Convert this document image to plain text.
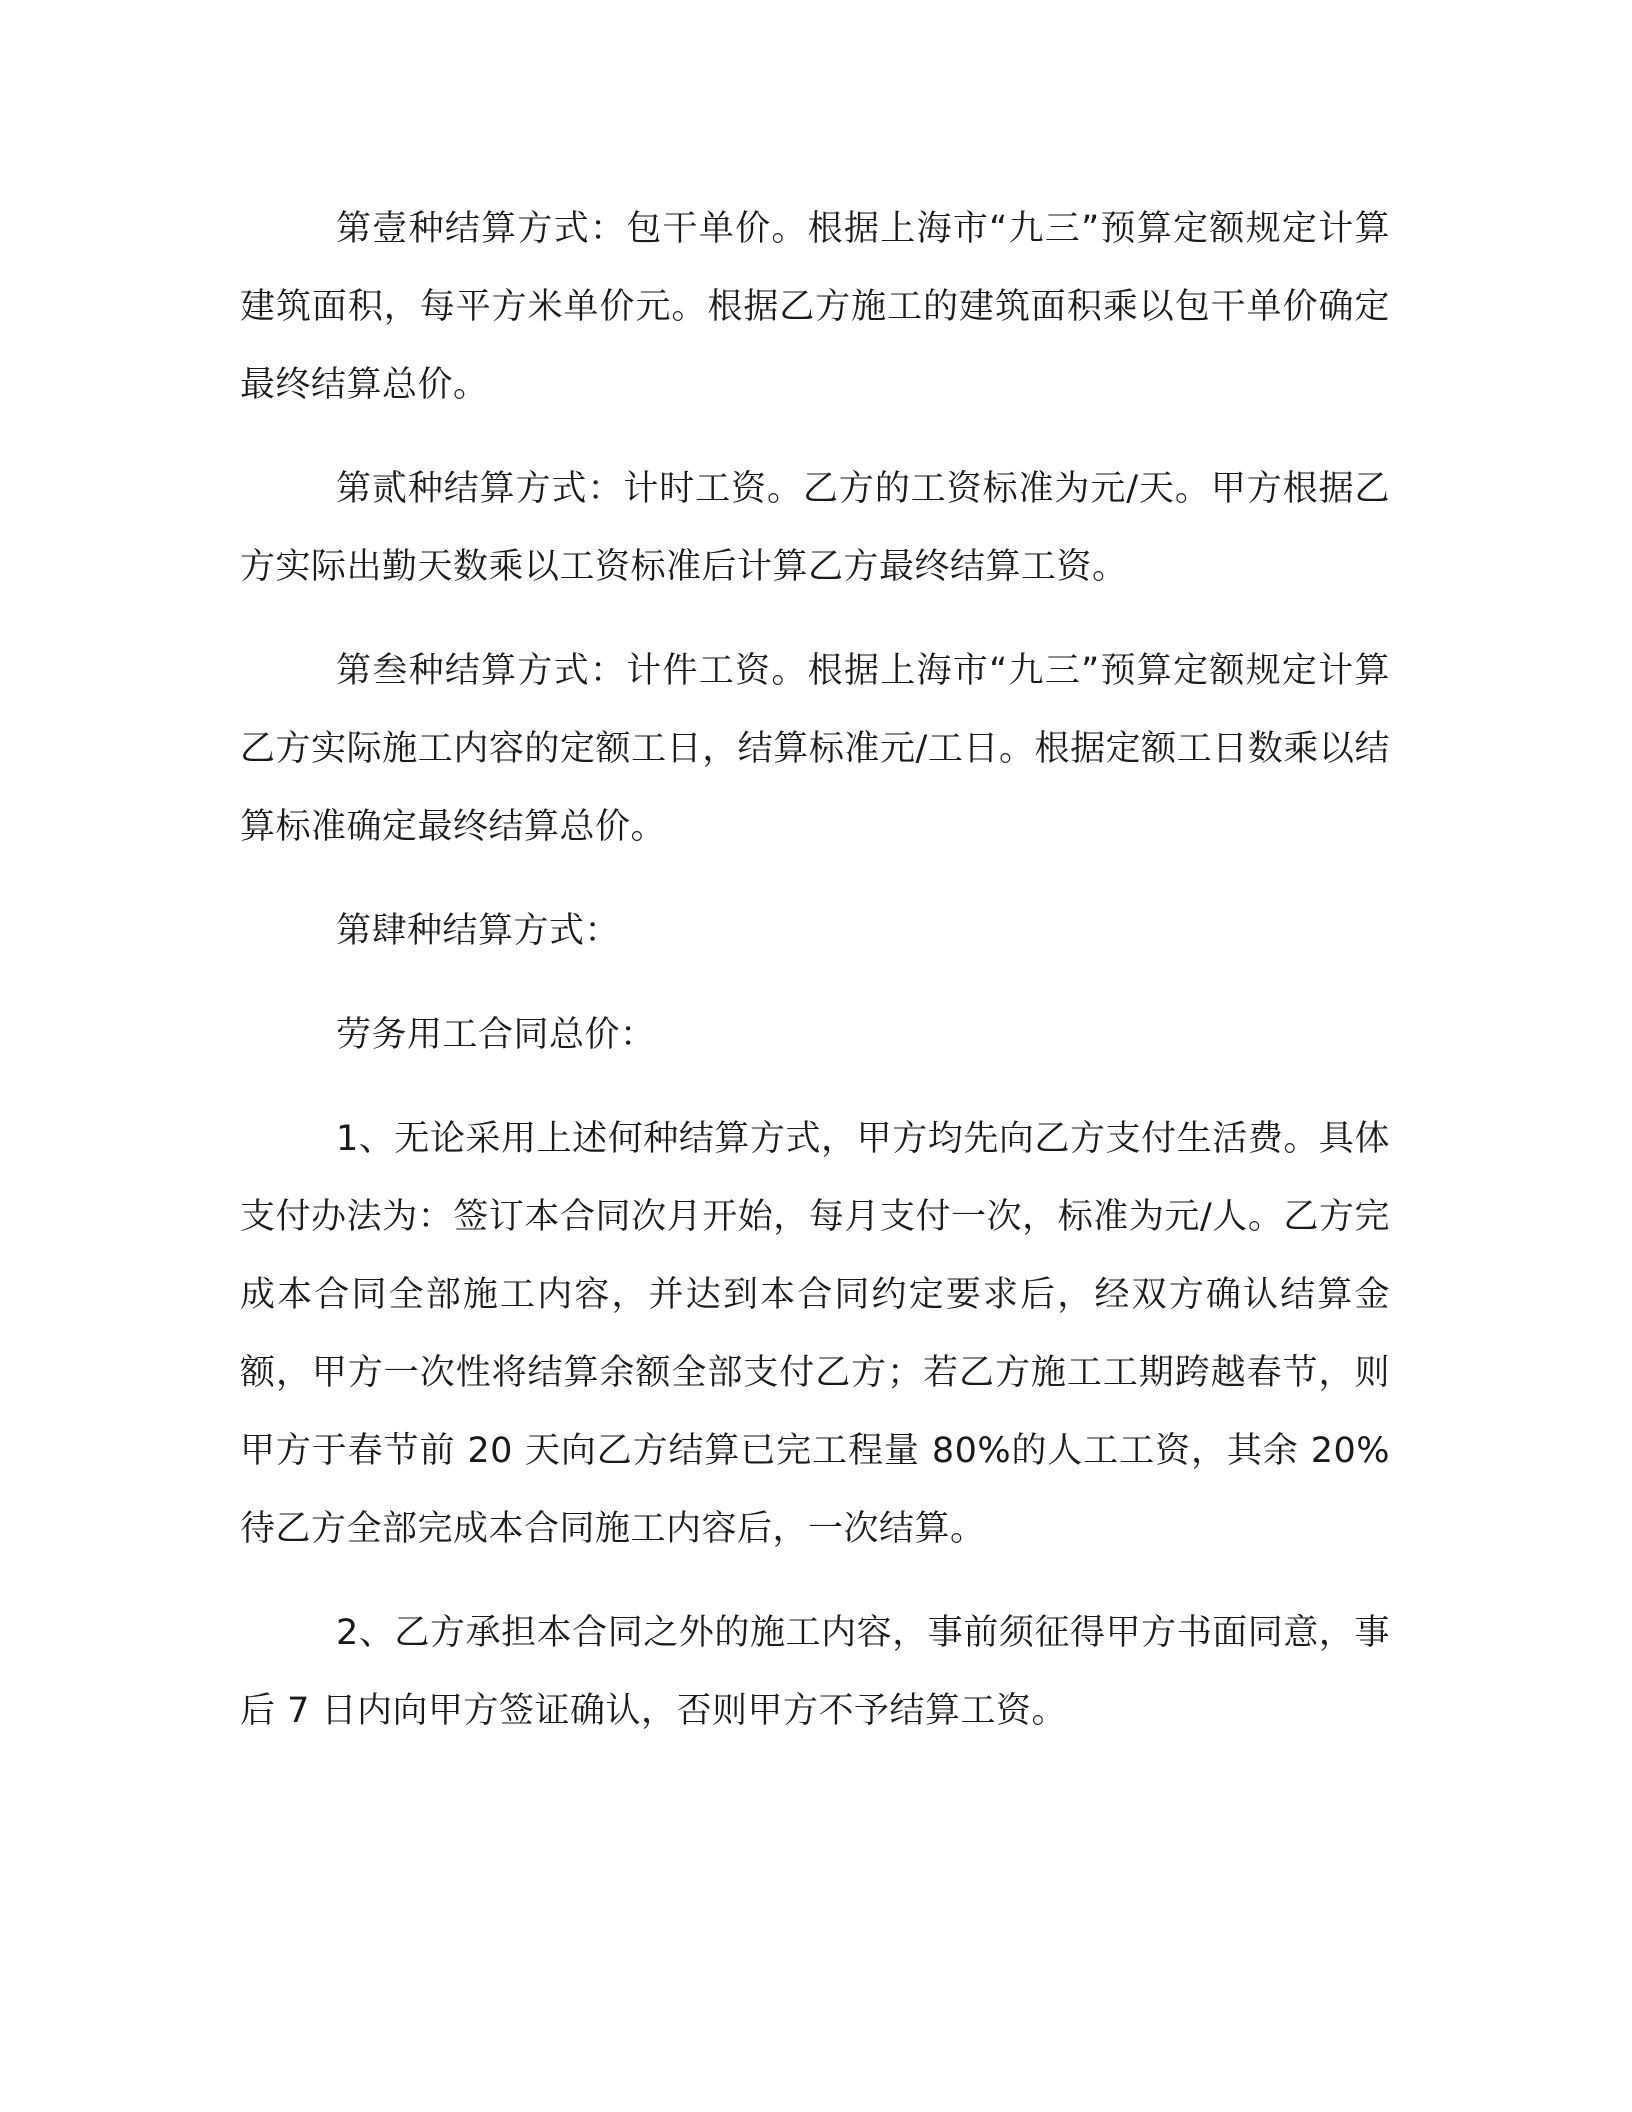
第壹种结算方式：包干单价。根据上海市“九三”预算定额规定计算建筑面积，每平方米单价元。根据乙方施工的建筑面积乘以包干单价确定最终结算总价。

第贰种结算方式：计时工资。乙方的工资标准为元/天。甲方根据乙方实际出勤天数乘以工资标准后计算乙方最终结算工资。

第叁种结算方式：计件工资。根据上海市“九三”预算定额规定计算乙方实际施工内容的定额工日，结算标准元/工日。根据定额工日数乘以结算标准确定最终结算总价。

第肆种结算方式：

劳务用工合同总价：

1、无论采用上述何种结算方式，甲方均先向乙方支付生活费。具体支付办法为：签订本合同次月开始，每月支付一次，标准为元/人。乙方完成本合同全部施工内容，并达到本合同约定要求后，经双方确认结算金额，甲方一次性将结算余额全部支付乙方；若乙方施工工期跨越春节，则甲方于春节前 20 天向乙方结算已完工程量 80%的人工工资，其余 20%待乙方全部完成本合同施工内容后，一次结算。

2、乙方承担本合同之外的施工内容，事前须征得甲方书面同意，事后 7 日内向甲方签证确认，否则甲方不予结算工资。
